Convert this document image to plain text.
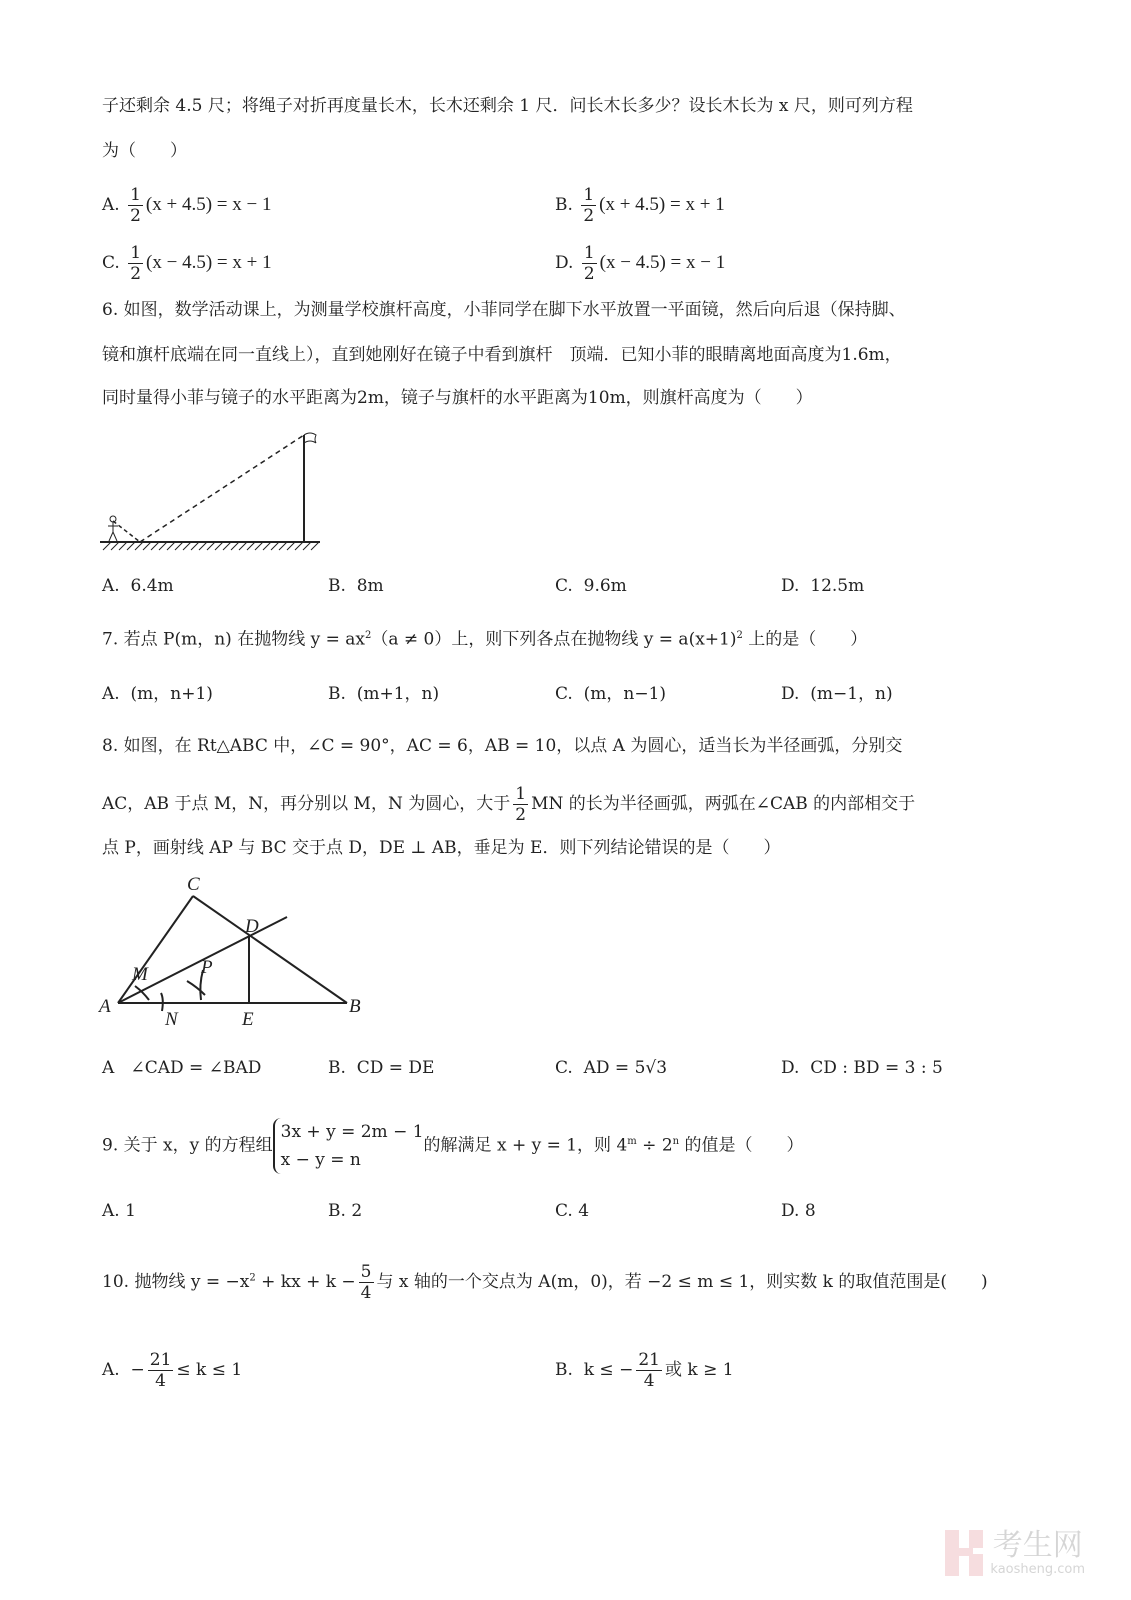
子还剩余 4.5 尺；将绳子对折再度量长木，长木还剩余 1 尺．问长木长多少？设长木长为 x 尺，则可列方程
为（　　）
A. $\frac{1}{2} (x + 4.5) = x - 1$	B. $\frac{1}{2} (x + 4.5) = x + 1$
C. $\frac{1}{2} (x - 4.5) = x + 1$	D. $\frac{1}{2} (x - 4.5) = x - 1$
6. 如图，数学活动课上，为测量学校旗杆高度，小菲同学在脚下水平放置一平面镜，然后向后退（保持脚、
镜和旗杆底端在同一直线上），直到她刚好在镜子中看到旗杆　顶端．已知小菲的眼睛离地面高度为1.6m，
同时量得小菲与镜子的水平距离为2m，镜子与旗杆的水平距离为10m，则旗杆高度为（　　）
A. 6.4m	B. 8m	C. 9.6m	D. 12.5m
7. 若点 P(m，n) 在抛物线 $y = ax^2(a \ne 0)$上，则下列各点在抛物线 $y = a(x+1)^2$ 上的是（　　）
A. (m，n+1)	B. (m+1，n)	C. (m，n−1)	D. (m−1，n)
8. 如图，在 Rt△ABC 中，∠C = 90°，AC = 6，AB = 10，以点 A 为圆心，适当长为半径画弧，分别交
AC，AB 于点 M，N，再分别以 M，N 为圆心，大于 $\frac{1}{2}$ MN 的长为半径画弧，两弧在∠CAB 的内部相交于
点 P，画射线 AP 与 BC 交于点 D，DE ⊥ AB，垂足为 E．则下列结论错误的是（　　）
C
D
M	P
A
N	E
B
A ∠CAD = ∠BAD	B. CD = DE	C. AD = 5√3	D. CD : BD = 3 : 5
9. 关于 x，y 的方程组
3x + y = 2m − 1
x − y = n
的解满足 x + y = 1，则 $4^m \div 2^n$ 的值是（　　）
A. 1	B. 2	C. 4	D. 8
10. 抛物线 $y = -x^2$ + kx + $k - \frac{5}{4}$ 与 x 轴的一个交点为 A(m，0)，若 −2 ≤ m ≤ 1，则实数 k 的取值范围是(　　)
A. − $\frac{21}{4} \le k \le 1$	B. k ≤ − $\frac{21}{4}$ 或 k ≥ 1

考生网
kaosheng.com
